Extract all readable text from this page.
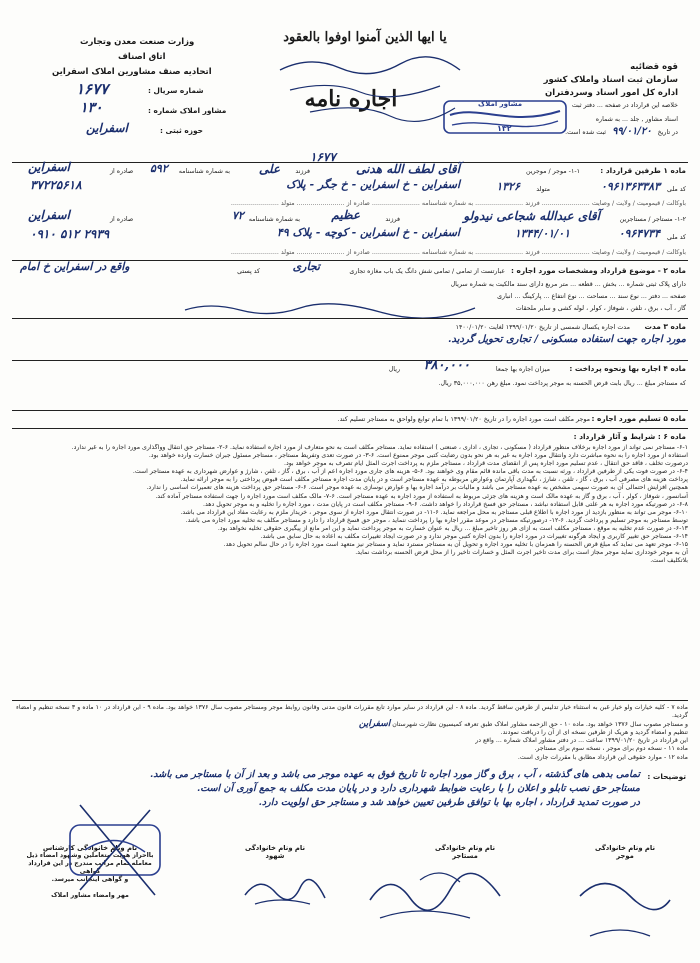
قوه قضائیه
سازمان ثبت اسناد واملاک کشور
اداره کل امور اسناد وسردفتران
خلاصه این قرارداد در صفحه ... دفتر ثبت
اسناد مشاور , جلد ... به شماره
در تاریخ ۹۹/۰۱/۲۰ ثبت شده است.
وزارت صنعت معدن وتجارت
اتاق اصناف
اتحادیه صنف مشاورین املاک اسفراین
شماره سریال :
۱۶۷۷
مشاور املاک شماره :
۱۳۰
حوزه ثبتی :
اسفراین
یا ایها الذین آمنوا اوفوا بالعقود
اجاره نامه
۱۶۷۷
مشاور املاک
۱۳۲
ماده ۱ طرفین قرارداد :
۱-۱- موجر / موجرین
آقای لطف الله هدنی
فرزند
علی
به شماره شناسنامه
۵۹۲
صادره از
اسفراین
کد ملی
۰۹۶۱۳۶۳۳۸۳
متولد
۱۳۲۶
اسفراین - خ اسفراین - خ جگر - پلاک
۳۷۲۲۵۶۱۸
باوکالت / قیمومیت / ولایت / وصایت ........................ فرزند ........................ به شماره شناسنامه ........................ صادره از ........................ متولد ........................
۱-۲- مستاجر / مستاجرین
آقای عبدالله شجاعی نیدولو
فرزند
عظیم
به شماره شناسنامه
۷۲
صادره از
اسفراین
کد ملی
۰۹۶۴۷۳۴
۱۳۴۴/۰۱/۰۱
اسفراین - خ اسفراین - کوچه - پلاک ۴۹
۰۹۱۰ ۵۱۲ ۲۹۳۹
باوکالت / قیمومیت / ولایت / وصایت ........................ فرزند ........................ به شماره شناسنامه ........................ صادره از ........................ متولد ........................
ماده ۲ - موضوع قرارداد ومشخصات مورد اجاره :
عبارتست از تمامی / تمامی شش دانگ یک باب مغازه تجاری
تجاری
کد پستی
واقع در اسفراین خ امام
دارای پلاک ثبتی شماره ... بخش ... قطعه ... متر مربع دارای سند مالکیت به شماره سریال
صفحه ... دفتر ... نوع سند ... مساحت ... نوع انتفاع ... پارکینگ ... انباری
گاز ، آب ، برق ، تلفن ، شوفاژ ، کولر ، لوله کشی و سایر ملحقات
ماده ۳ مدت
مدت اجاره یکسال شمسی از تاریخ ۱۳۹۹/۰۱/۲۰ لغایت ۱۴۰۰/۰۱/۲۰
مورد اجاره جهت استفاده مسکونی / تجاری تحویل گردید.
ماده ۴ اجاره بها ونحوه پرداخت :
میزان اجاره بها جمعا
۳۸۰,۰۰۰
ریال
که مستاجر مبلغ ... ریال بابت قرض الحسنه به موجر پرداخت نمود. مبلغ رهن ۳۵,۰۰۰,۰۰۰ ریال.
ماده ۵ تسلیم مورد اجاره :
موجر مکلف است مورد اجاره را در تاریخ ۱۳۹۹/۰۱/۲۰ با تمام توابع ولواحق به مستاجر تسلیم کند.
ماده ۶ : شرایط و آثار قرارداد :
۶-۱- مستاجر نمی تواند از مورد اجاره برخلاف منظور قرارداد ( مسکونی ، تجاری ، اداری ، صنعتی ) استفاده نماید. مستاجر مکلف است به نحو متعارف از مورد اجاره استفاده نماید. ۶-۲- مستاجر حق انتقال وواگذاری مورد اجاره را به غیر ندارد.
استفاده از مورد اجاره را به نحوه مباشرت دارد وانتقال مورد اجاره به غیر به هر نحو بدون رضایت کتبی موجر ممنوع است. ۶-۳- در صورت تعدی وتفریط مستاجر ، مستاجر مسئول جبران خسارت وارده خواهد بود.
درصورت تخلف ، فاقد حق انتقال ، عدم تسلیم مورد اجاره پس از انقضای مدت قرارداد ، مستاجر ملزم به پرداخت اجرت المثل ایام تصرف به موجر خواهد بود.
۶-۴- در صورت فوت یکی از طرفین قرارداد ، ورثه نسبت به مدت باقی مانده قائم مقام وی خواهند بود. ۶-۵- هزینه های جاری مورد اجاره اعم از آب ، برق ، گاز ، تلفن ، شارژ و عوارض شهرداری به عهده مستاجر است.
پرداخت هزینه های مصرفی آب ، برق ، گاز ، تلفن ، شارژ ، نگهداری آپارتمان وعوارض مربوطه به عهده مستاجر است و در پایان مدت اجاره مستاجر مکلف است قبوض پرداختی را به موجر ارائه نماید.
همچنین افزایش احتمالی آن به صورت سهمی مشخص به عهده مستاجر می باشد و مالیات بر درآمد اجاره بها و عوارض نوسازی به عهده موجر است. ۶-۶- مستاجر حق پرداخت هزینه های تعمیرات اساسی را ندارد.
آسانسور ، شوفاژ ، کولر ، آب ، برق و گاز به عهده مالک است و هزینه های جزئی مربوط به استفاده از مورد اجاره به عهده مستاجر است. ۶-۷- مالک مکلف است مورد اجاره را جهت استفاده مستاجر آماده کند.
۶-۸- در صورتیکه مورد اجاره به هر علتی قابل استفاده نباشد ، مستاجر حق فسخ قرارداد را خواهد داشت. ۶-۹- مستاجر مکلف است در پایان مدت ، مورد اجاره را تخلیه و به موجر تحویل دهد.
۶-۱۰- موجر می تواند به منظور بازدید از مورد اجاره با اطلاع قبلی مستاجر به محل مراجعه نماید. ۶-۱۱- در صورت انتقال مورد اجاره از سوی موجر ، خریدار ملزم به رعایت مفاد این قرارداد می باشد.
توسط مستاجر به موجر تسلیم و پرداخت گردید. ۶-۱۲- درصورتیکه مستاجر در موعد مقرر اجاره بها را پرداخت ننماید ، موجر حق فسخ قرارداد را دارد و مستاجر مکلف به تخلیه مورد اجاره می باشد.
۶-۱۳- در صورت عدم تخلیه به موقع ، مستاجر مکلف است به ازای هر روز تاخیر مبلغ ... ریال به عنوان خسارت به موجر پرداخت نماید و این امر مانع از پیگیری حقوقی تخلیه نخواهد بود.
۶-۱۴- مستاجر حق تغییر کاربری و ایجاد هرگونه تغییرات در مورد اجاره را بدون اجازه کتبی موجر ندارد و در صورت ایجاد تغییرات مکلف به اعاده به حال سابق می باشد.
۶-۱۵- موجر تعهد می نماید که مبلغ قرض الحسنه را همزمان با تخلیه مورد اجاره و تحویل آن به مستاجر مسترد نماید و مستاجر نیز متعهد است مورد اجاره را در حال سالم تحویل دهد.
آن به موجر خودداری نماید موجر مجاز است برای مدت تاخیر اجرت المثل و خسارات تاخیر را از محل قرض الحسنه برداشت نماید.
بلاتکلیف است.
ماده ۷ - کلیه خیارات ولو خیار غبن به استثناء خیار تدلیس از طرفین ساقط گردید. ماده ۸ - این قرارداد در سایر موارد تابع مقررات قانون مدنی وقانون روابط موجر ومستاجر مصوب سال ۱۳۷۶ خواهد بود. ماده ۹ - این قرارداد در ۱۰ ماده و ۳ نسخه تنظیم و امضاء گردید.
و مستاجر مصوب سال ۱۳۷۶ خواهد بود. ماده ۱۰ - حق الزحمه مشاور املاک طبق تعرفه کمیسیون نظارت شهرستان اسفراین
تنظیم و امضاء گردید و هریک از طرفین نسخه ای از آن را دریافت نمودند.
این قرارداد در تاریخ ۱۳۹۹/۰۱/۲۰ ساعت ... در دفتر مشاور املاک شماره ... واقع در
ماده ۱۱ - نسخه دوم برای موجر ، نسخه سوم برای مستاجر.
ماده ۱۲ - موارد حقوقی این قرارداد مطابق با مقررات جاری است.
توضیحات :
تمامی بدهی های گذشته ، آب ، برق و گاز مورد اجاره تا تاریخ فوق به عهده موجر می باشد و بعد از آن با مستاجر می باشد.
مستاجر حق نصب تابلو و اعلان را با رعایت ضوابط شهرداری دارد و در پایان مدت مکلف به جمع آوری آن است.
در صورت تمدید قرارداد ، اجاره بها با توافق طرفین تعیین خواهد شد و مستاجر حق اولویت دارد.
نام ونام خانوادگی کارشناس
بااحراز هویت متعاملین وشهود امضاء ذیل
معامله تمام مراتب مندرج در این قرارداد گواهی
و گواهی اینجانب میرسد.
مهر وامضاء مشاور املاک
نام ونام خانوادگی
شهود
نام ونام خانوادگی
مستاجر
نام ونام خانوادگی
موجر
